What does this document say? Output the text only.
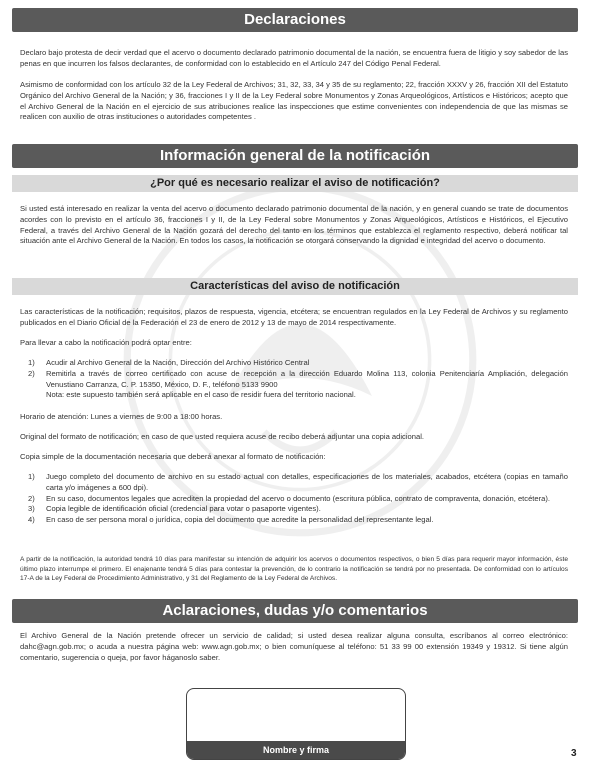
Declaraciones

Declaro bajo protesta de decir verdad que el acervo o documento declarado patrimonio documental de la nación, se encuentra fuera de litigio y soy sabedor de las penas en que incurren los falsos declarantes, de conformidad con lo establecido en el Artículo 247 del Código Penal Federal.

Asimismo de conformidad con los artículo 32 de la Ley Federal de Archivos; 31, 32, 33, 34 y 35 de su reglamento; 22, fracción XXXV y 26, fracción XII del Estatuto Orgánico del Archivo General de la Nación; y 36, fracciones I y II de la Ley Federal sobre Monumentos y Zonas Arqueológicos, Artísticos e Históricos; acepto que el Archivo General de la Nación en el ejercicio de sus atribuciones realice las inspecciones que estime convenientes con independencia de que las mismas se realicen con auxilio de otras instituciones o autoridades competentes .

Información general de la notificación
¿Por qué es necesario realizar el aviso de notificación?

Si usted está interesado en realizar la venta del acervo o documento declarado patrimonio documental de la nación, y en general cuando se trate de documentos acordes con lo previsto en el artículo 36, fracciones I y II, de la Ley Federal sobre Monumentos y Zonas Arqueológicos, Artísticos e Históricos, el Ejecutivo Federal, a través del Archivo General de la Nación gozará del derecho del tanto en los términos que establezca el reglamento respectivo, deberá notificar tal situación ante el Archivo General de la Nación. En todos los casos, la notificación se otorgará conservando la dignidad e integridad del acervo o documento.

Características del aviso de notificación

Las características de la notificación; requisitos, plazos de respuesta, vigencia, etcétera; se encuentran regulados en la Ley Federal de Archivos y su reglamento publicados en el Diario Oficial de la Federación el 23 de enero de 2012 y 13 de mayo de 2014 respectivamente.

Para llevar a cabo la notificación podrá optar entre:

1) Acudir al Archivo General de la Nación, Dirección del Archivo Histórico Central
2) Remitirla a través de correo certificado con acuse de recepción a la dirección Eduardo Molina 113, colonia Penitenciaría Ampliación, delegación Venustiano Carranza, C. P. 15350, México, D. F., teléfono 5133 9900
Nota: este supuesto también será aplicable en el caso de residir fuera del territorio nacional.

Horario de atención: Lunes a viernes de 9:00 a 18:00 horas.

Original del formato de notificación; en caso de que usted requiera acuse de recibo deberá adjuntar una copia adicional.

Copia simple de la documentación necesaria que deberá anexar al formato de notificación:

1) Juego completo del documento de archivo en su estado actual con detalles, especificaciones de los materiales, acabados, etcétera (copias en tamaño carta y/o imágenes a 600 dpi).
2) En su caso, documentos legales que acrediten la propiedad del acervo o documento (escritura pública, contrato de compraventa, donación, etcétera).
3) Copia legible de identificación oficial (credencial para votar o pasaporte vigentes).
4) En caso de ser persona moral o jurídica, copia del documento que acredite la personalidad del representante legal.

A partir de la notificación, la autoridad tendrá 10 días para manifestar su intención de adquirir los acervos o documentos respectivos, o bien 5 días para requerir mayor información, éste último plazo interrumpe el primero. El enajenante tendrá 5 días para contestar la prevención, de lo contrario la notificación se tendrá por no presentada. De conformidad con lo artículos 17-A de la Ley Federal de Procedimiento Administrativo, y 31 del Reglamento de la Ley Federal de Archivos.

Aclaraciones, dudas y/o comentarios

El Archivo General de la Nación pretende ofrecer un servicio de calidad; si usted desea realizar alguna consulta, escríbanos al correo electrónico: dahc@agn.gob.mx; o acuda a nuestra página web: www.agn.gob.mx; o bien comuníquese al teléfono: 51 33 99 00 extensión 19349 y 19312. Si tiene algún comentario, sugerencia o queja, por favor háganoslo saber.

Nombre y firma	3
